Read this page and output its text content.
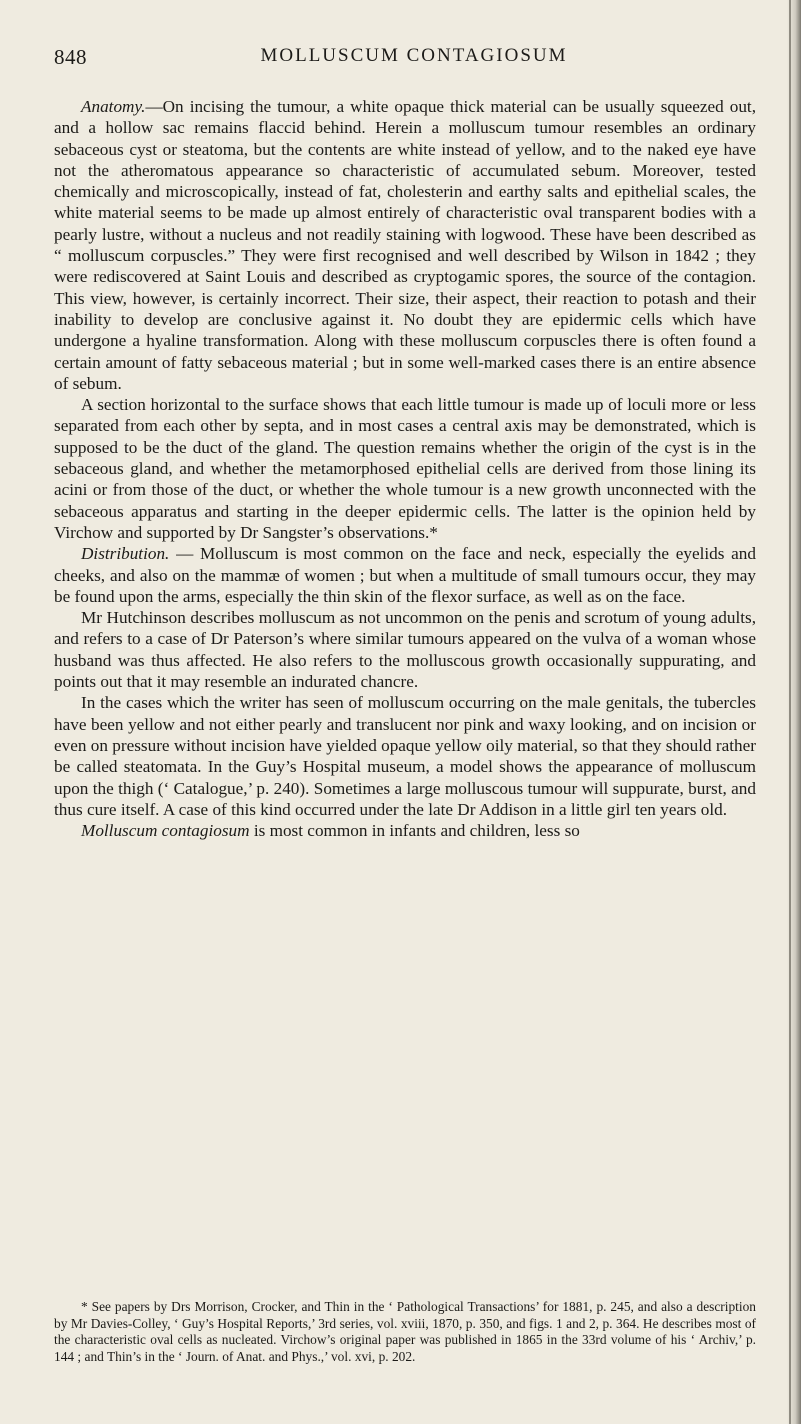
848	MOLLUSCUM CONTAGIOSUM

Anatomy.—On incising the tumour, a white opaque thick material can be usually squeezed out, and a hollow sac remains flaccid behind. Herein a molluscum tumour resembles an ordinary sebaceous cyst or steatoma, but the contents are white instead of yellow, and to the naked eye have not the atheromatous appearance so characteristic of accumulated sebum. Moreover, tested chemically and microscopically, instead of fat, cholesterin and earthy salts and epithelial scales, the white material seems to be made up almost entirely of characteristic oval transparent bodies with a pearly lustre, without a nucleus and not readily staining with logwood. These have been described as “ molluscum corpuscles.” They were first recognised and well described by Wilson in 1842 ; they were rediscovered at Saint Louis and described as cryptogamic spores, the source of the contagion. This view, however, is certainly incorrect. Their size, their aspect, their reaction to potash and their inability to develop are conclusive against it. No doubt they are epidermic cells which have undergone a hyaline transformation. Along with these molluscum corpuscles there is often found a certain amount of fatty sebaceous material ; but in some well-marked cases there is an entire absence of sebum.

A section horizontal to the surface shows that each little tumour is made up of loculi more or less separated from each other by septa, and in most cases a central axis may be demonstrated, which is supposed to be the duct of the gland. The question remains whether the origin of the cyst is in the sebaceous gland, and whether the metamorphosed epithelial cells are derived from those lining its acini or from those of the duct, or whether the whole tumour is a new growth unconnected with the sebaceous apparatus and starting in the deeper epidermic cells. The latter is the opinion held by Virchow and supported by Dr Sangster’s observations.*

Distribution. — Molluscum is most common on the face and neck, especially the eyelids and cheeks, and also on the mammæ of women ; but when a multitude of small tumours occur, they may be found upon the arms, especially the thin skin of the flexor surface, as well as on the face.

Mr Hutchinson describes molluscum as not uncommon on the penis and scrotum of young adults, and refers to a case of Dr Paterson’s where similar tumours appeared on the vulva of a woman whose husband was thus affected. He also refers to the molluscous growth occasionally suppurating, and points out that it may resemble an indurated chancre.

In the cases which the writer has seen of molluscum occurring on the male genitals, the tubercles have been yellow and not either pearly and translucent nor pink and waxy looking, and on incision or even on pressure without incision have yielded opaque yellow oily material, so that they should rather be called steatomata. In the Guy’s Hospital museum, a model shows the appearance of molluscum upon the thigh (‘ Catalogue,’ p. 240). Sometimes a large molluscous tumour will suppurate, burst, and thus cure itself. A case of this kind occurred under the late Dr Addison in a little girl ten years old.

Molluscum contagiosum is most common in infants and children, less so

* See papers by Drs Morrison, Crocker, and Thin in the ‘ Pathological Transactions’ for 1881, p. 245, and also a description by Mr Davies-Colley, ‘ Guy’s Hospital Reports,’ 3rd series, vol. xviii, 1870, p. 350, and figs. 1 and 2, p. 364. He describes most of the characteristic oval cells as nucleated. Virchow’s original paper was published in 1865 in the 33rd volume of his ‘ Archiv,’ p. 144 ; and Thin’s in the ‘ Journ. of Anat. and Phys.,’ vol. xvi, p. 202.
